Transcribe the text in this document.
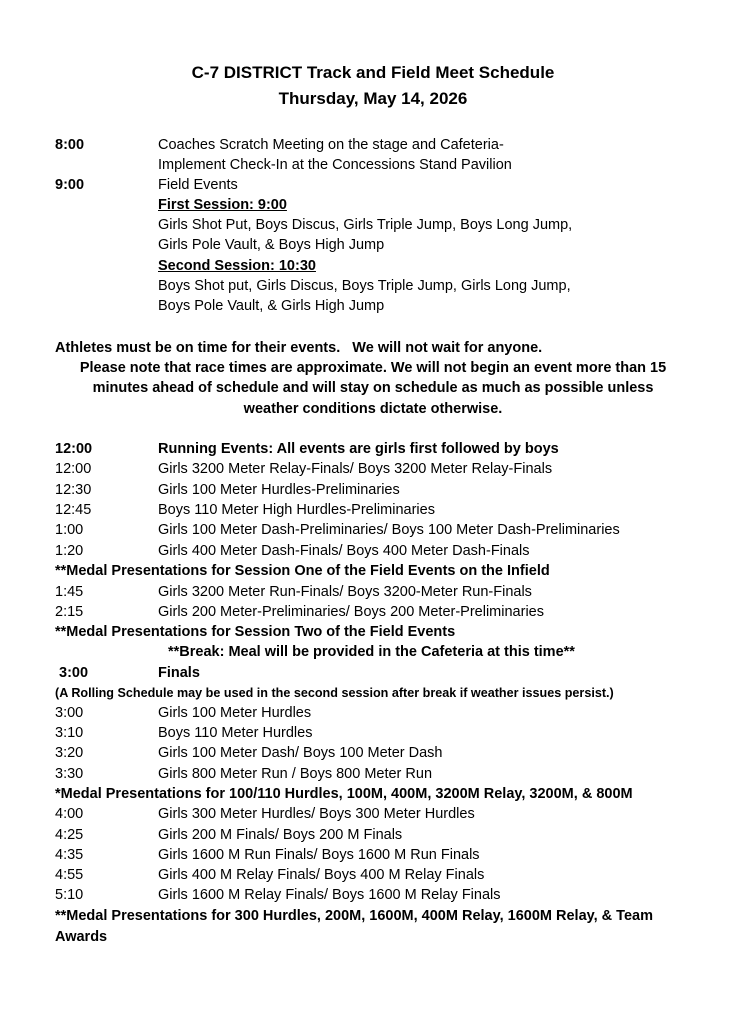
C-7 DISTRICT Track and Field Meet Schedule
Thursday, May 14, 2026
8:00	Coaches Scratch Meeting on the stage and Cafeteria-
Implement Check-In at the Concessions Stand Pavilion
9:00	Field Events
First Session: 9:00
Girls Shot Put, Boys Discus, Girls Triple Jump, Boys Long Jump,
Girls Pole Vault, & Boys High Jump
Second Session: 10:30
Boys Shot put, Girls Discus, Boys Triple Jump, Girls Long Jump,
Boys Pole Vault, & Girls High Jump
Athletes must be on time for their events.   We will not wait for anyone.
Please note that race times are approximate. We will not begin an event more than 15
minutes ahead of schedule and will stay on schedule as much as possible unless
weather conditions dictate otherwise.
12:00	Running Events: All events are girls first followed by boys
12:00	Girls 3200 Meter Relay-Finals/ Boys 3200 Meter Relay-Finals
12:30	Girls 100 Meter Hurdles-Preliminaries
12:45	Boys 110 Meter High Hurdles-Preliminaries
1:00	Girls 100 Meter Dash-Preliminaries/ Boys 100 Meter Dash-Preliminaries
1:20	Girls 400 Meter Dash-Finals/ Boys 400 Meter Dash-Finals
**Medal Presentations for Session One of the Field Events on the Infield
1:45	Girls 3200 Meter Run-Finals/ Boys 3200-Meter Run-Finals
2:15	Girls 200 Meter-Preliminaries/ Boys 200 Meter-Preliminaries
**Medal Presentations for Session Two of the Field Events
**Break: Meal will be provided in the Cafeteria at this time**
3:00	Finals
(A Rolling Schedule may be used in the second session after break if weather issues persist.)
3:00	Girls 100 Meter Hurdles
3:10	Boys 110 Meter Hurdles
3:20	Girls 100 Meter Dash/ Boys 100 Meter Dash
3:30	Girls 800 Meter Run / Boys 800 Meter Run
*Medal Presentations for 100/110 Hurdles, 100M, 400M, 3200M Relay, 3200M, & 800M
4:00	Girls 300 Meter Hurdles/ Boys 300 Meter Hurdles
4:25	Girls 200 M Finals/ Boys 200 M Finals
4:35	Girls 1600 M Run Finals/ Boys 1600 M Run Finals
4:55	Girls 400 M Relay Finals/ Boys 400 M Relay Finals
5:10	Girls 1600 M Relay Finals/ Boys 1600 M Relay Finals
**Medal Presentations for 300 Hurdles, 200M, 1600M, 400M Relay, 1600M Relay, & Team
Awards
